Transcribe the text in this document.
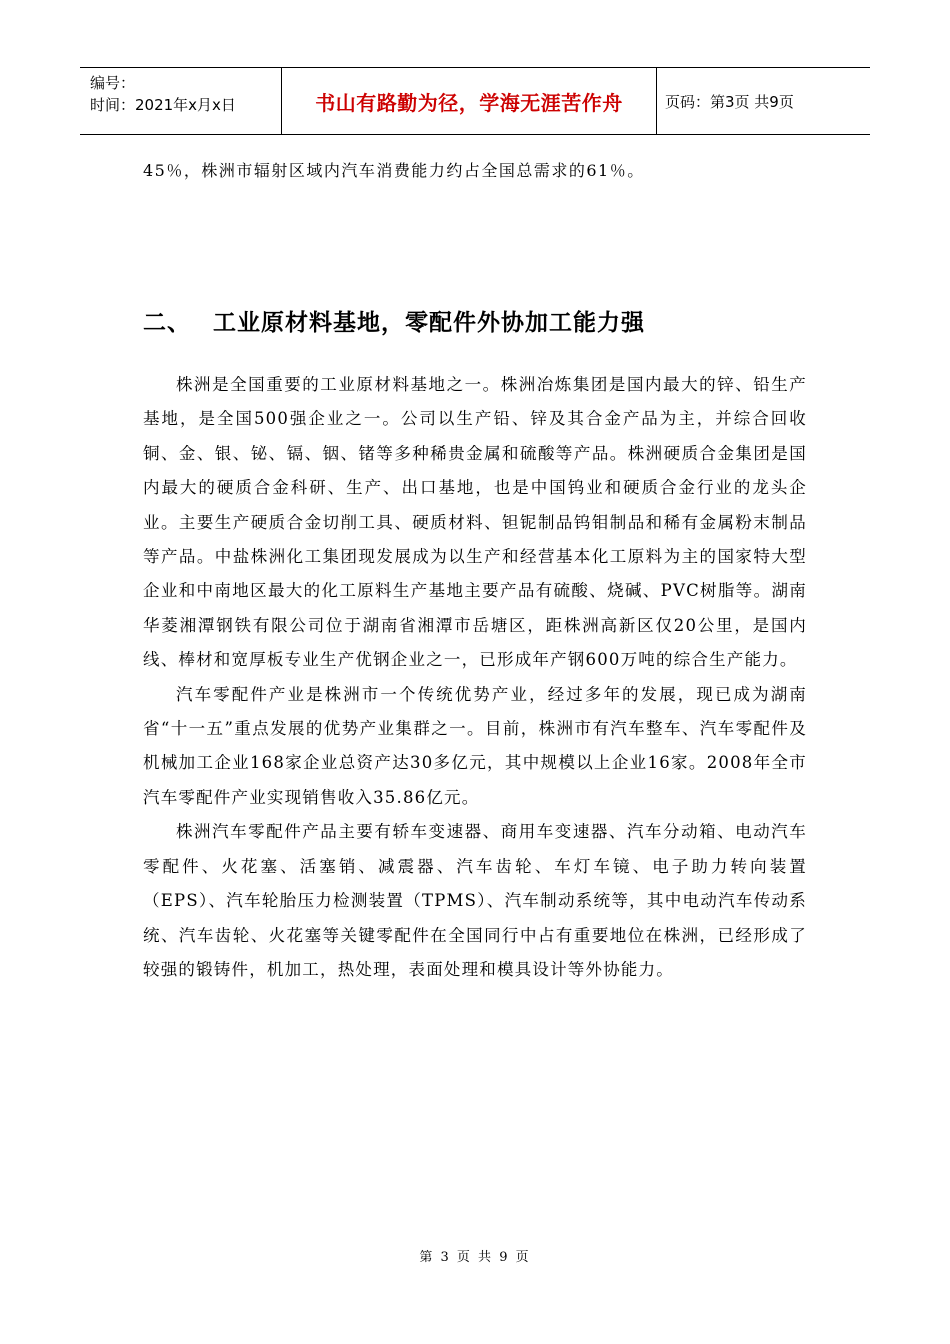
编号：
时间：2021年x月x日	书山有路勤为径，学海无涯苦作舟	页码：第3页 共9页

45％，株洲市辐射区域内汽车消费能力约占全国总需求的61％。

二、 工业原材料基地，零配件外协加工能力强

株洲是全国重要的工业原材料基地之一。株洲冶炼集团是国内最大的锌、铅生产基地，是全国500强企业之一。公司以生产铅、锌及其合金产品为主，并综合回收铜、金、银、铋、镉、铟、锗等多种稀贵金属和硫酸等产品。株洲硬质合金集团是国内最大的硬质合金科研、生产、出口基地，也是中国钨业和硬质合金行业的龙头企业。主要生产硬质合金切削工具、硬质材料、钽铌制品钨钼制品和稀有金属粉末制品等产品。中盐株洲化工集团现发展成为以生产和经营基本化工原料为主的国家特大型企业和中南地区最大的化工原料生产基地主要产品有硫酸、烧碱、PVC树脂等。湖南华菱湘潭钢铁有限公司位于湖南省湘潭市岳塘区，距株洲高新区仅20公里，是国内线、棒材和宽厚板专业生产优钢企业之一，已形成年产钢600万吨的综合生产能力。

汽车零配件产业是株洲市一个传统优势产业，经过多年的发展，现已成为湖南省“十一五”重点发展的优势产业集群之一。目前，株洲市有汽车整车、汽车零配件及机械加工企业168家企业总资产达30多亿元，其中规模以上企业16家。2008年全市汽车零配件产业实现销售收入35.86亿元。

株洲汽车零配件产品主要有轿车变速器、商用车变速器、汽车分动箱、电动汽车零配件、火花塞、活塞销、减震器、汽车齿轮、车灯车镜、电子助力转向装置（EPS）、汽车轮胎压力检测装置（TPMS）、汽车制动系统等，其中电动汽车传动系统、汽车齿轮、火花塞等关键零配件在全国同行中占有重要地位在株洲，已经形成了较强的锻铸件，机加工，热处理，表面处理和模具设计等外协能力。

第 3 页 共 9 页
